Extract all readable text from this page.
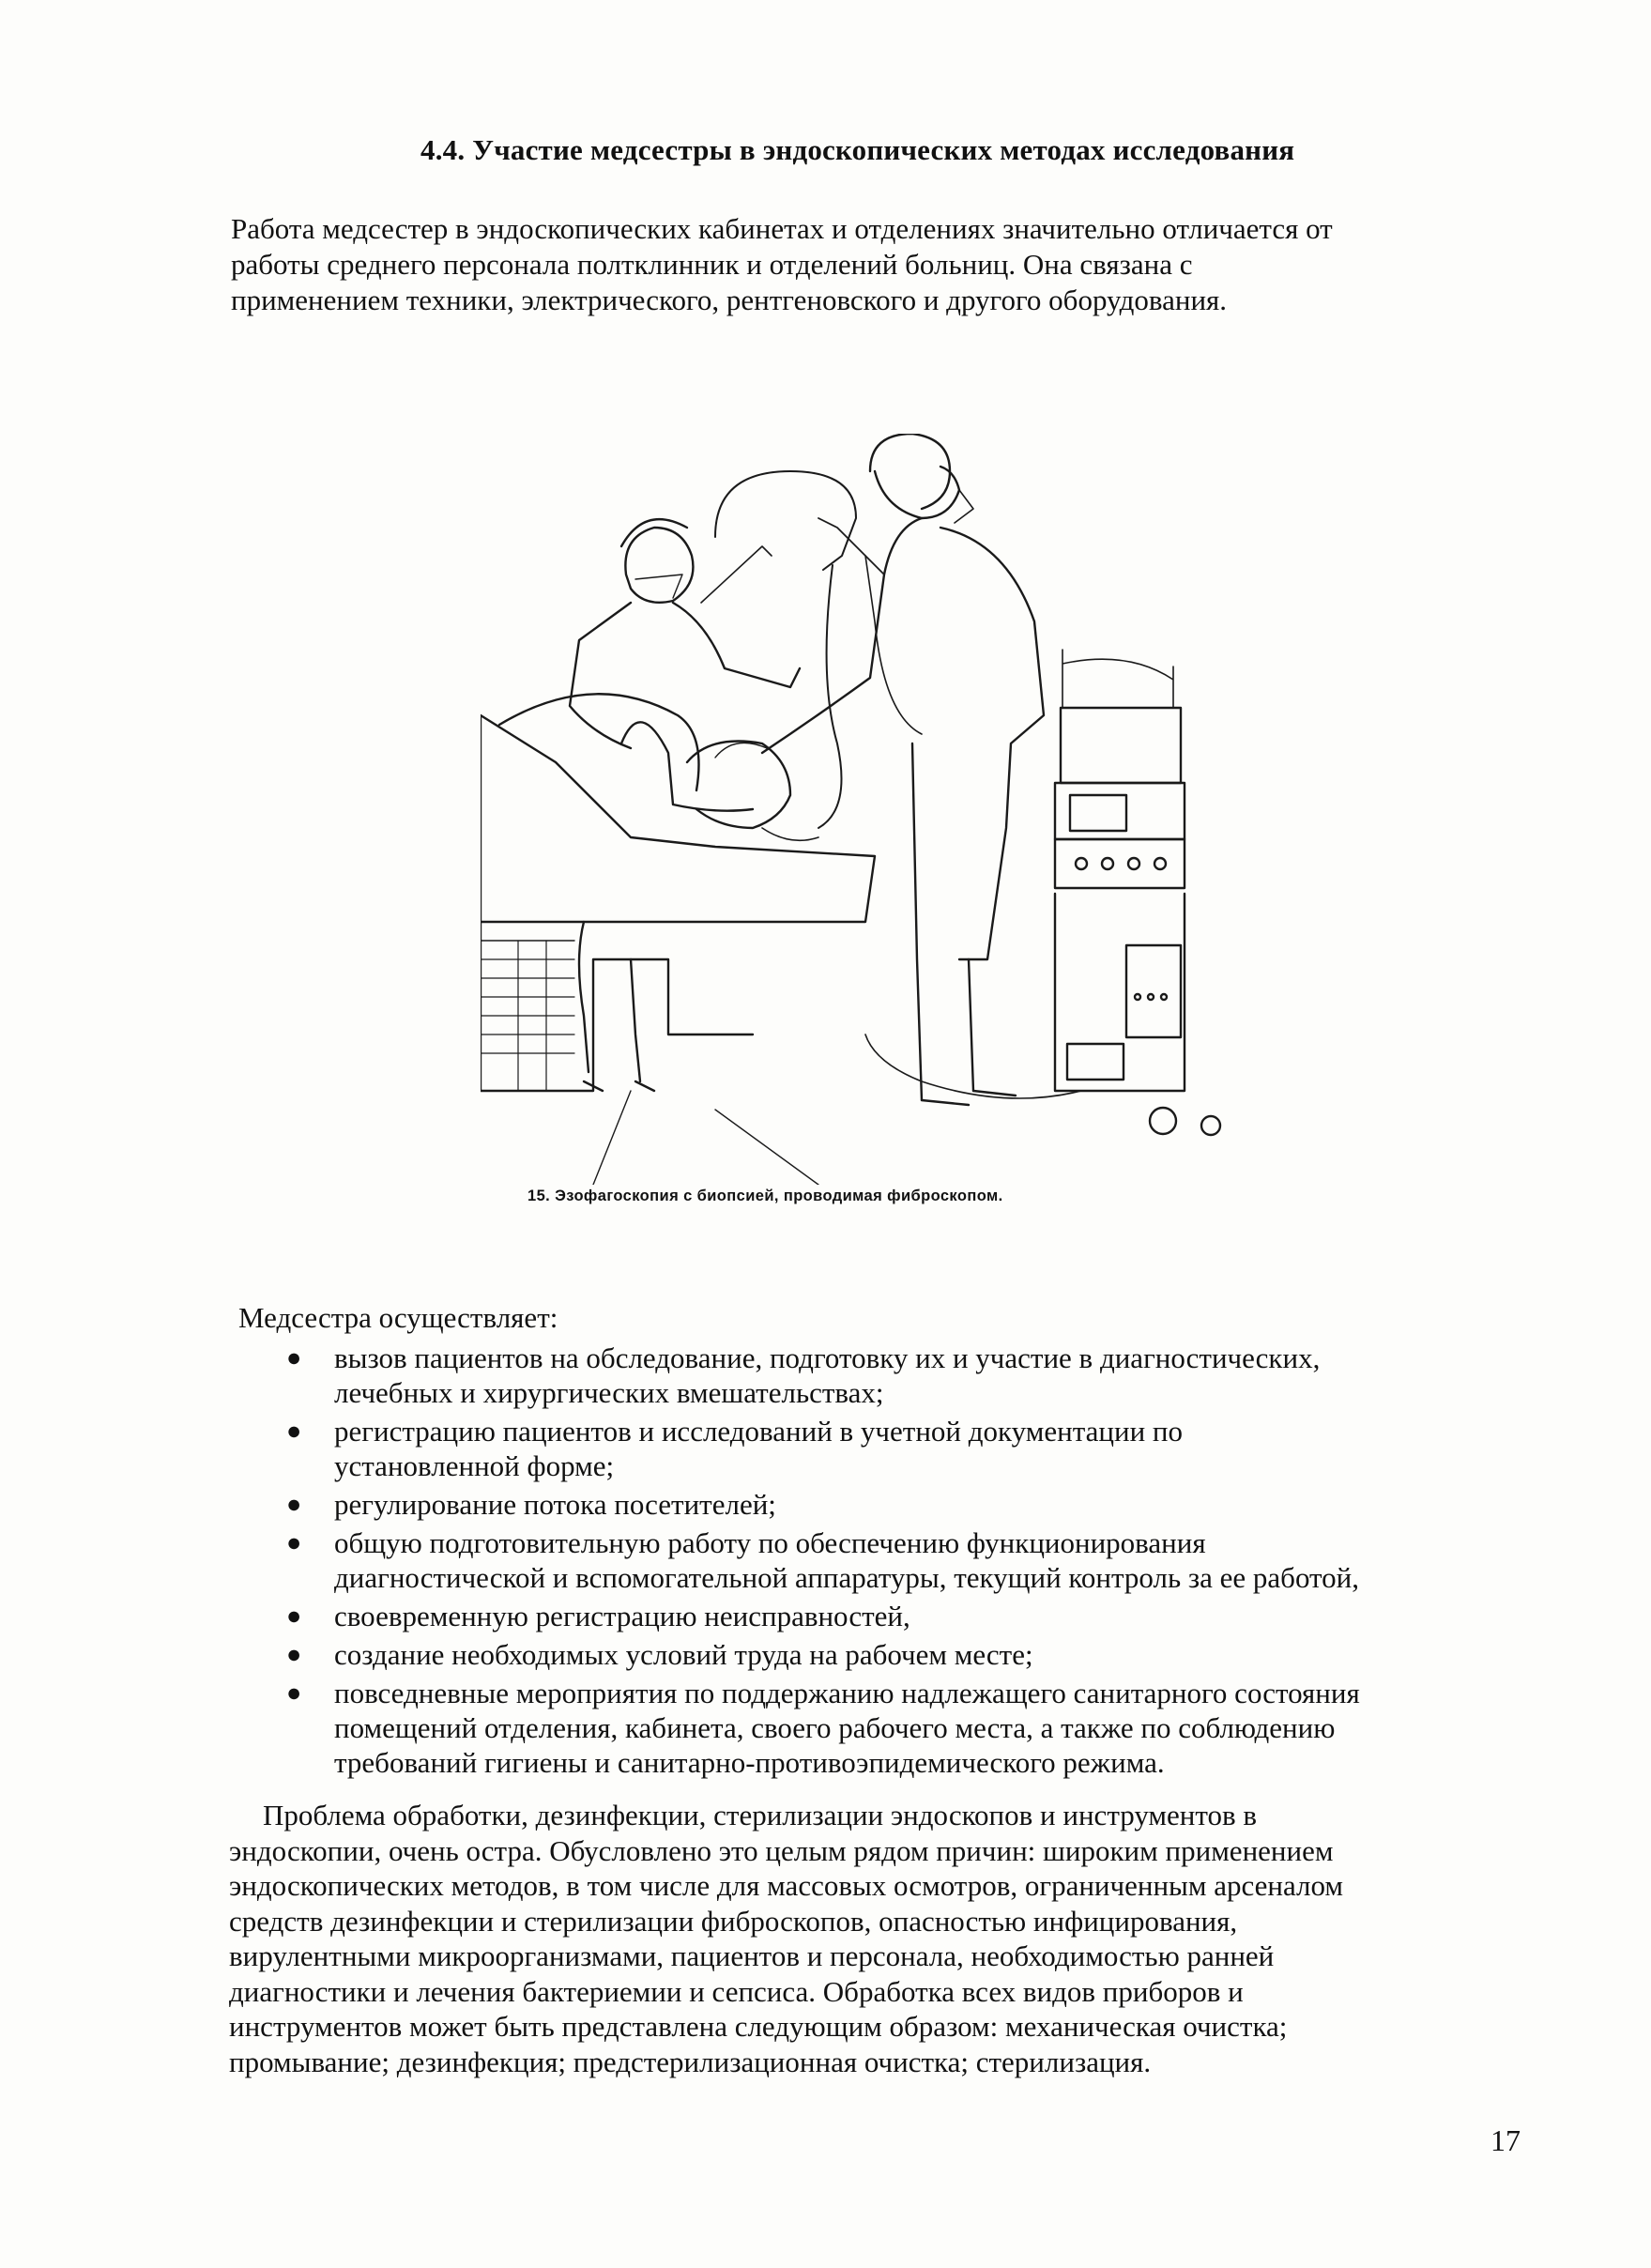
4.4. Участие медсестры в эндоскопических методах исследования
Работа медсестер в эндоскопических кабинетах и отделениях значительно отличается от
работы среднего персонала полтклинник и отделений больниц. Она связана с
применением техники, электрического, рентгеновского и другого оборудования.
15. Эзофагоскопия с биопсией, проводимая фиброскопом.
Медсестра осуществляет:
● вызов пациентов на обследование, подготовку их и участие в диагностических,
лечебных и хирургических вмешательствах;
● регистрацию пациентов и исследований в учетной документации по
установленной форме;
● регулирование потока посетителей;
● общую подготовительную работу по обеспечению функционирования
диагностической и вспомогательной аппаратуры, текущий контроль за ее работой,
● своевременную регистрацию неисправностей,
● создание необходимых условий труда на рабочем месте;
● повседневные мероприятия по поддержанию надлежащего санитарного состояния
помещений отделения, кабинета, своего рабочего места, а также по соблюдению
требований гигиены и санитарно-противоэпидемического режима.
Проблема обработки, дезинфекции, стерилизации эндоскопов и инструментов в
эндоскопии, очень остра. Обусловлено это целым рядом причин: широким применением
эндоскопических методов, в том числе для массовых осмотров, ограниченным арсеналом
средств дезинфекции и стерилизации фиброскопов, опасностью инфицирования,
вирулентными микроорганизмами, пациентов и персонала, необходимостью ранней
диагностики и лечения бактериемии и сепсиса. Обработка всех видов приборов и
инструментов может быть представлена следующим образом: механическая очистка;
промывание; дезинфекция; предстерилизационная очистка; стерилизация.
17
